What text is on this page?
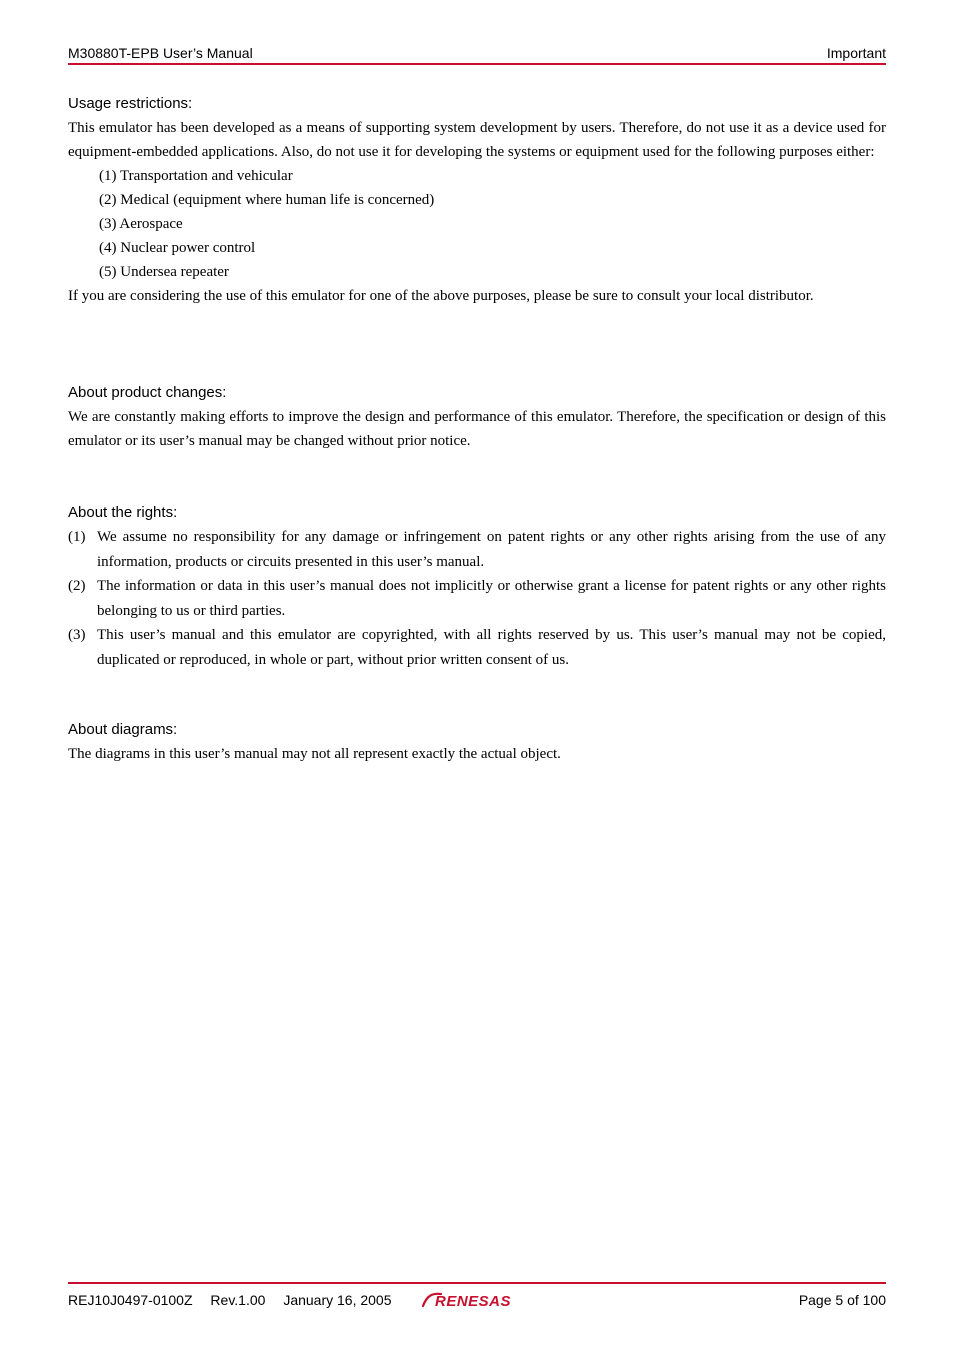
M30880T-EPB User’s Manual	Important

Usage restrictions:

This emulator has been developed as a means of supporting system development by users. Therefore, do not use it as a device used for equipment-embedded applications. Also, do not use it for developing the systems or equipment used for the following purposes either:

(1) Transportation and vehicular

(2) Medical (equipment where human life is concerned)

(3) Aerospace

(4) Nuclear power control

(5) Undersea repeater

If you are considering the use of this emulator for one of the above purposes, please be sure to consult your local distributor.

About product changes:

We are constantly making efforts to improve the design and performance of this emulator. Therefore, the specification or design of this emulator or its user’s manual may be changed without prior notice.

About the rights:

(1) We assume no responsibility for any damage or infringement on patent rights or any other rights arising from the use of any information, products or circuits presented in this user’s manual.
(2) The information or data in this user’s manual does not implicitly or otherwise grant a license for patent rights or any other rights belonging to us or third parties.
(3) This user’s manual and this emulator are copyrighted, with all rights reserved by us. This user’s manual may not be copied, duplicated or reproduced, in whole or part, without prior written consent of us.

About diagrams:

The diagrams in this user’s manual may not all represent exactly the actual object.

REJ10J0497-0100Z Rev.1.00 January 16, 2005	RENESAS	Page 5 of 100
